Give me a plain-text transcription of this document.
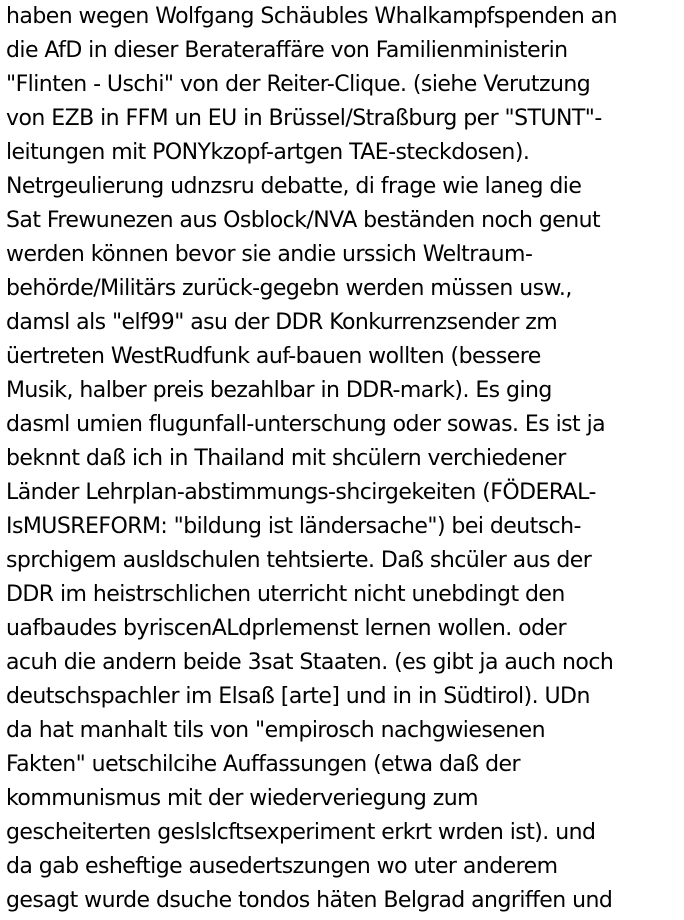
haben wegen Wolfgang Schäubles Whalkampfspenden an
die AfD in dieser Berateraffäre von Familienministerin
"Flinten - Uschi" von der Reiter-Clique. (siehe Verutzung
von EZB in FFM un EU in Brüssel/Straßburg per "STUNT"-
leitungen mit PONYkzopf-artgen TAE-steckdosen).
Netrgeulierung udnzsru debatte, di frage wie laneg die
Sat Frewunezen aus Osblock/NVA beständen noch genut
werden können bevor sie andie urssich Weltraum-
behörde/Militärs zurück-gegebn werden müssen usw.,
damsl als "elf99" asu der DDR Konkurrenzsender zm
üertreten WestRudfunk auf-bauen wollten (bessere
Musik, halber preis bezahlbar in DDR-mark). Es ging
dasml umien flugunfall-unterschung oder sowas. Es ist ja
beknnt daß ich in Thailand mit shcülern verchiedener
Länder Lehrplan-abstimmungs-shcirgekeiten (FÖDERAL-
IsMUSREFORM: "bildung ist ländersache") bei deutsch-
sprchigem ausldschulen tehtsierte. Daß shcüler aus der
DDR im heistrschlichen uterricht nicht unebdingt den
uafbaudes byriscenALdprlemenst lernen wollen. oder
acuh die andern beide 3sat Staaten. (es gibt ja auch noch
deutschspachler im Elsaß [arte] und in in Südtirol). UDn
da hat manhalt tils von "empirosch nachgwiesenen
Fakten" uetschilcihe Auffassungen (etwa daß der
kommunismus mit der wiederveriegung zum
gescheiterten geslslcftsexperiment erkrt wrden ist). und
da gab esheftige ausedertszungen wo uter anderem
gesagt wurde dsuche tondos häten Belgrad angriffen und
